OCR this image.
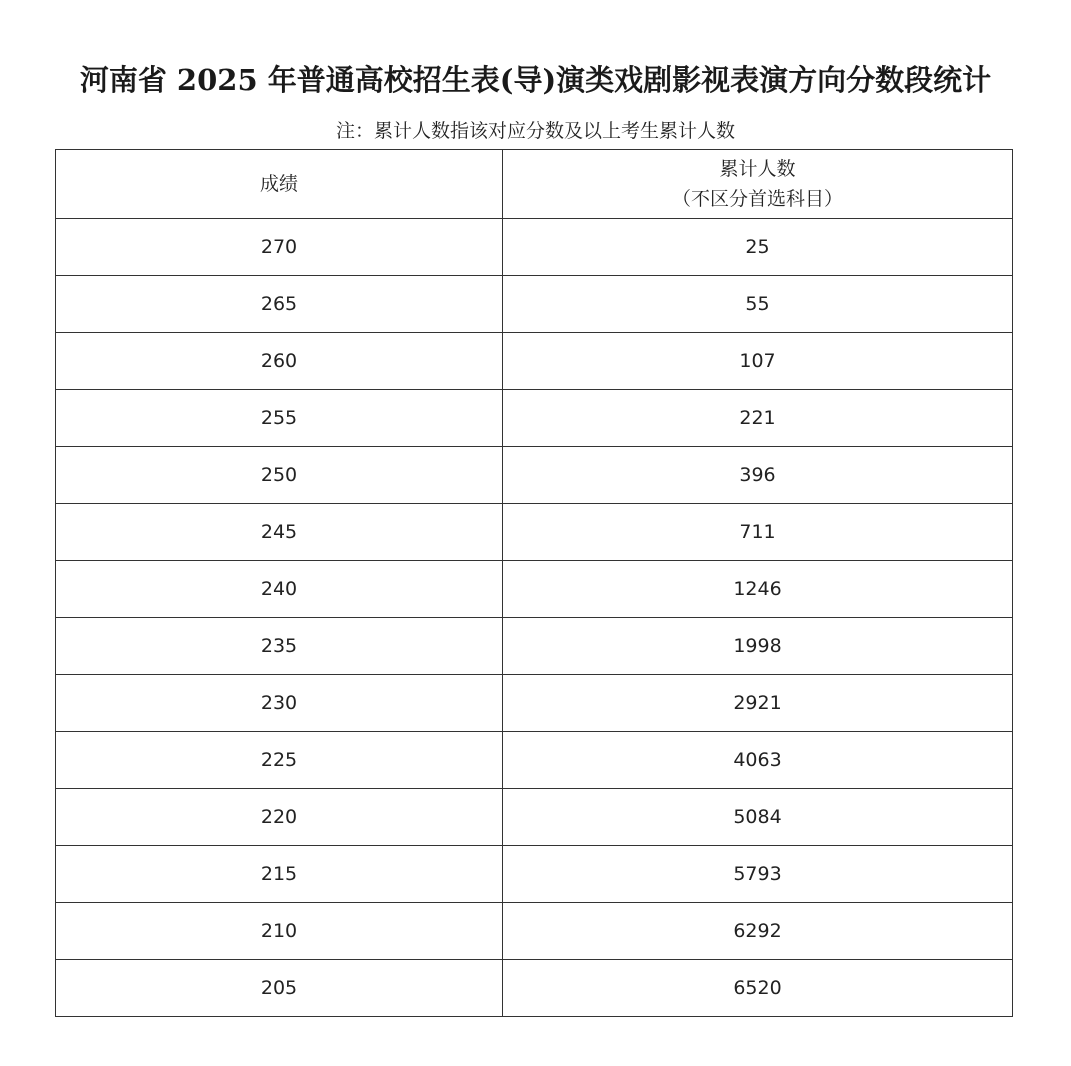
河南省 2025 年普通高校招生表(导)演类戏剧影视表演方向分数段统计
注：累计人数指该对应分数及以上考生累计人数
成绩	累计人数
（不区分首选科目）
270	25
265	55
260	107
255	221
250	396
245	711
240	1246
235	1998
230	2921
225	4063
220	5084
215	5793
210	6292
205	6520
